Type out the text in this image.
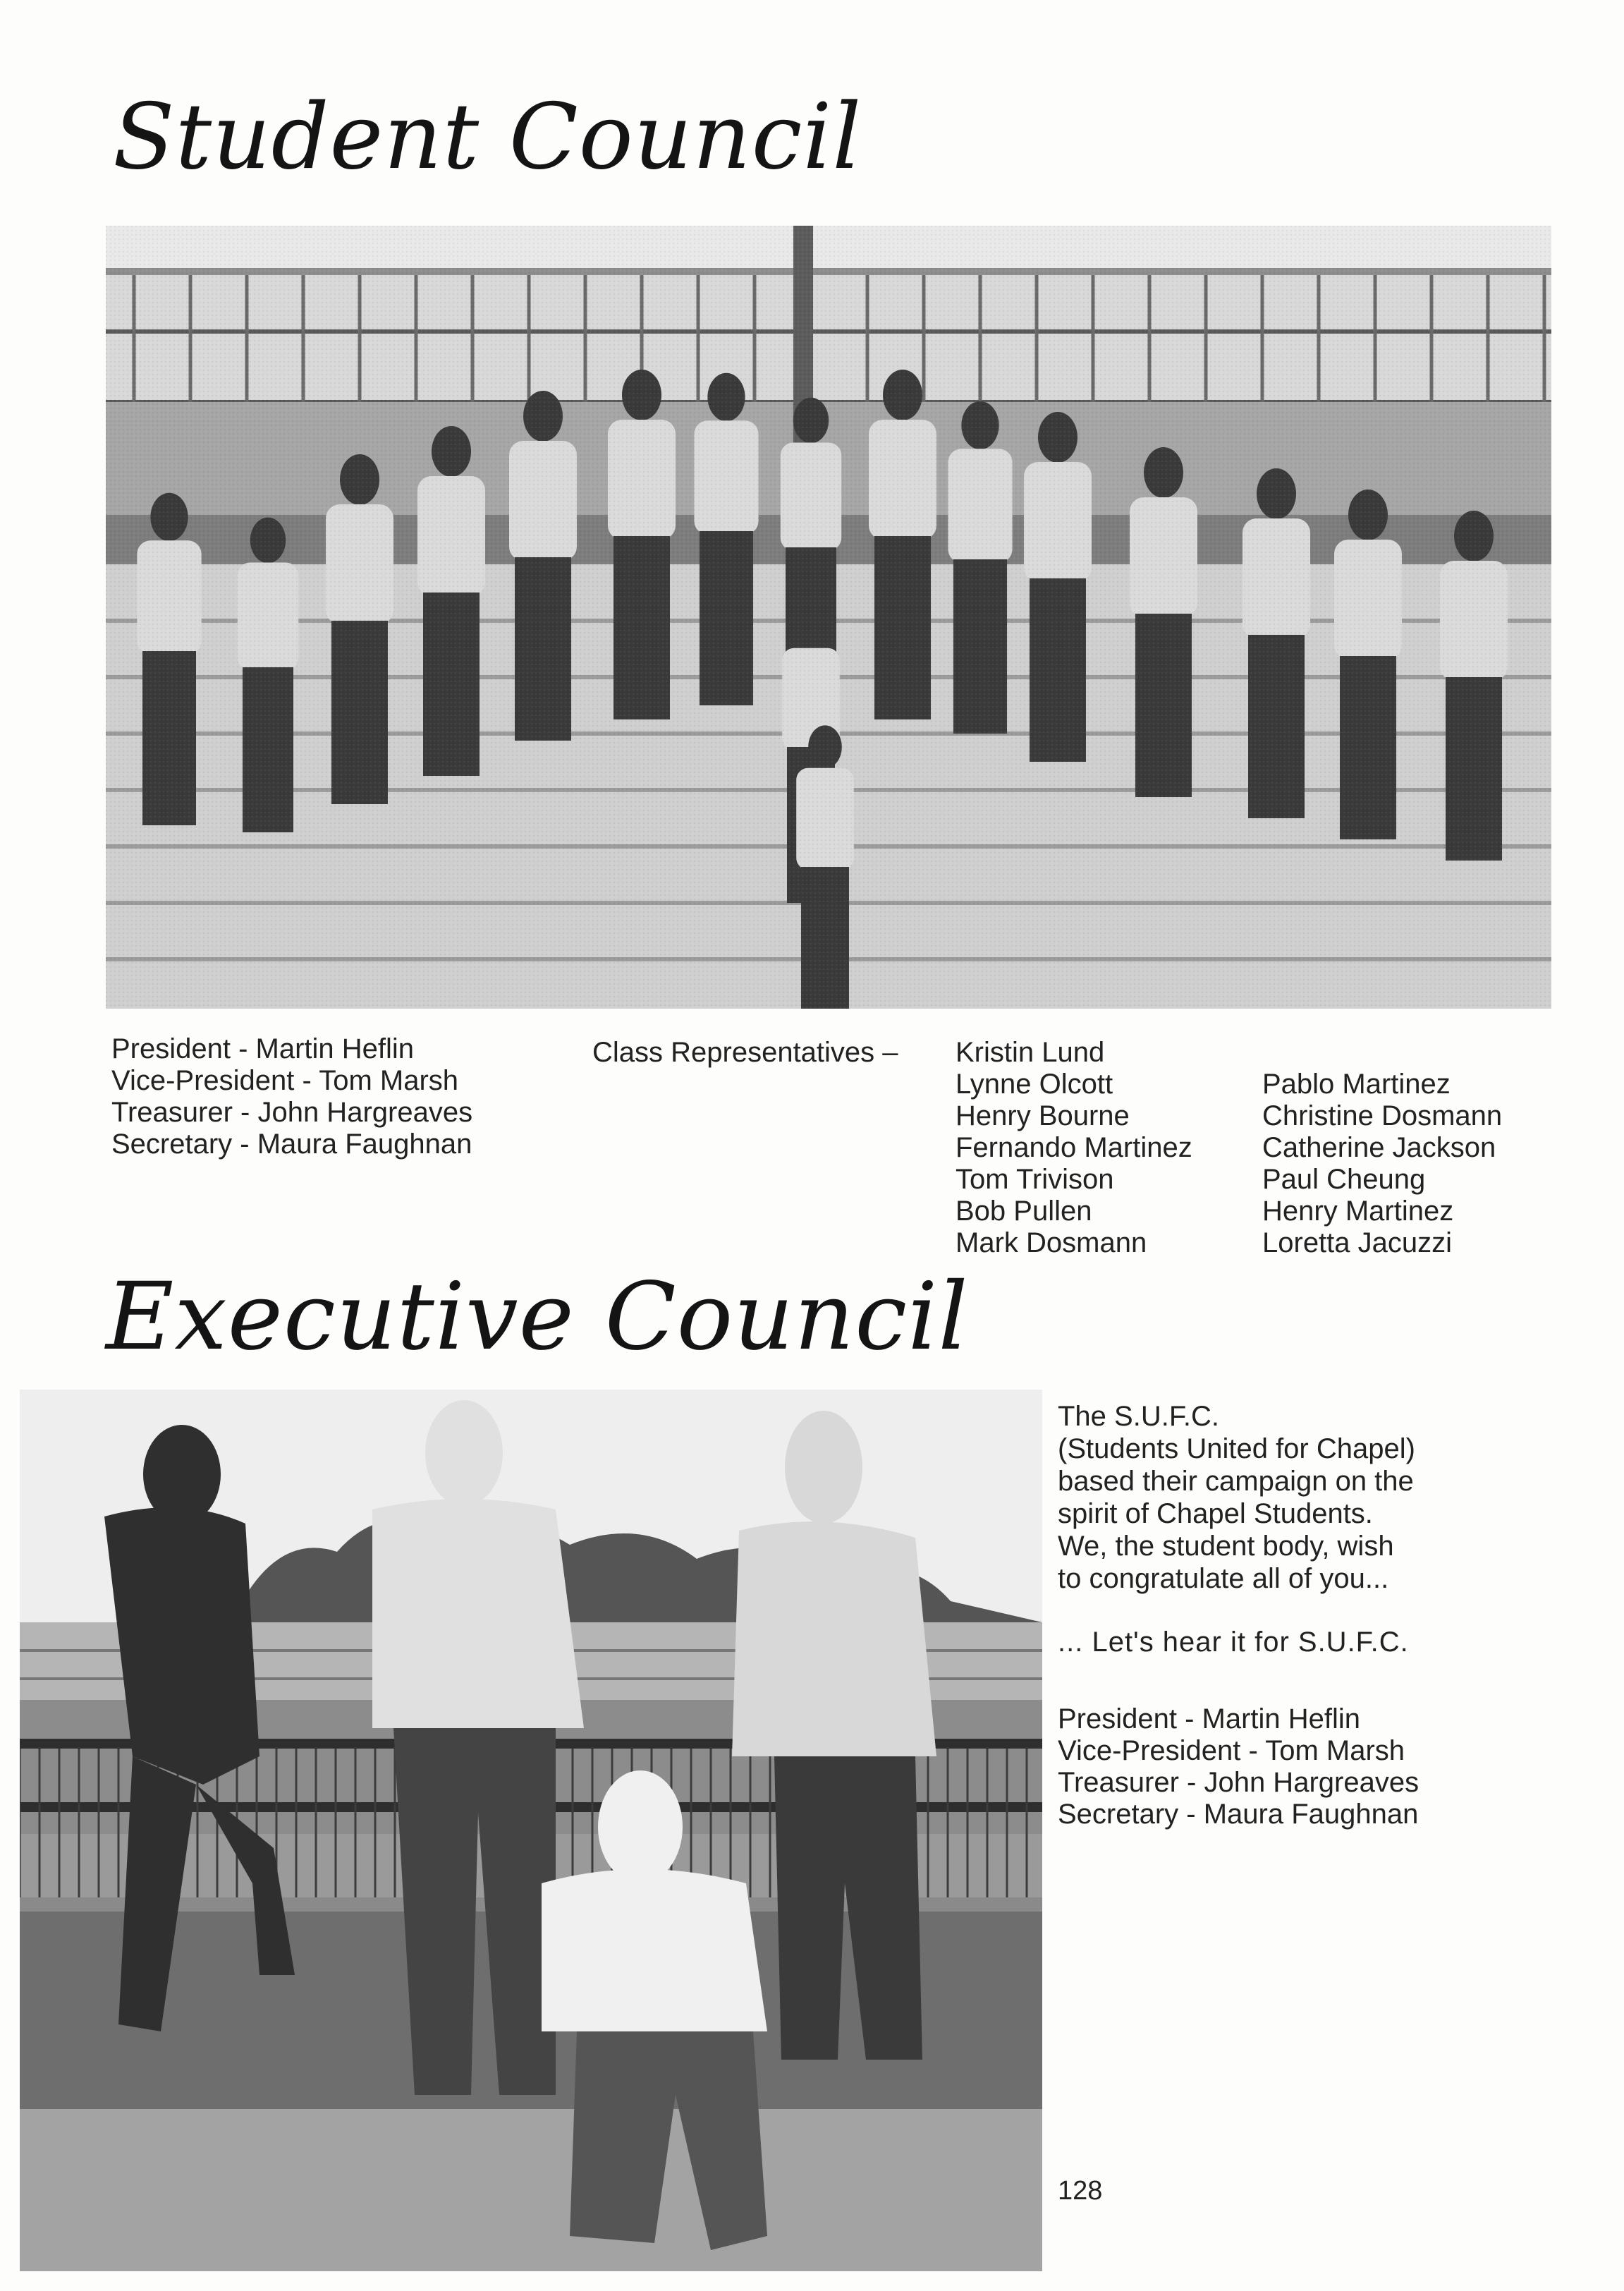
Student Council
President - Martin Heflin
Vice-President - Tom Marsh
Treasurer - John Hargreaves
Secretary - Maura Faughnan

Class Representatives – Kristin Lund
Lynne Olcott
Henry Bourne
Fernando Martinez
Tom Trivison
Bob Pullen
Mark Dosmann
Pablo Martinez
Christine Dosmann
Catherine Jackson
Paul Cheung
Henry Martinez
Loretta Jacuzzi
Executive Council
The S.U.F.C.
(Students United for Chapel)
based their campaign on the
spirit of Chapel Students.
We, the student body, wish
to congratulate all of you...

... Let's hear it for S.U.F.C.

President - Martin Heflin
Vice-President - Tom Marsh
Treasurer - John Hargreaves
Secretary - Maura Faughnan

128
